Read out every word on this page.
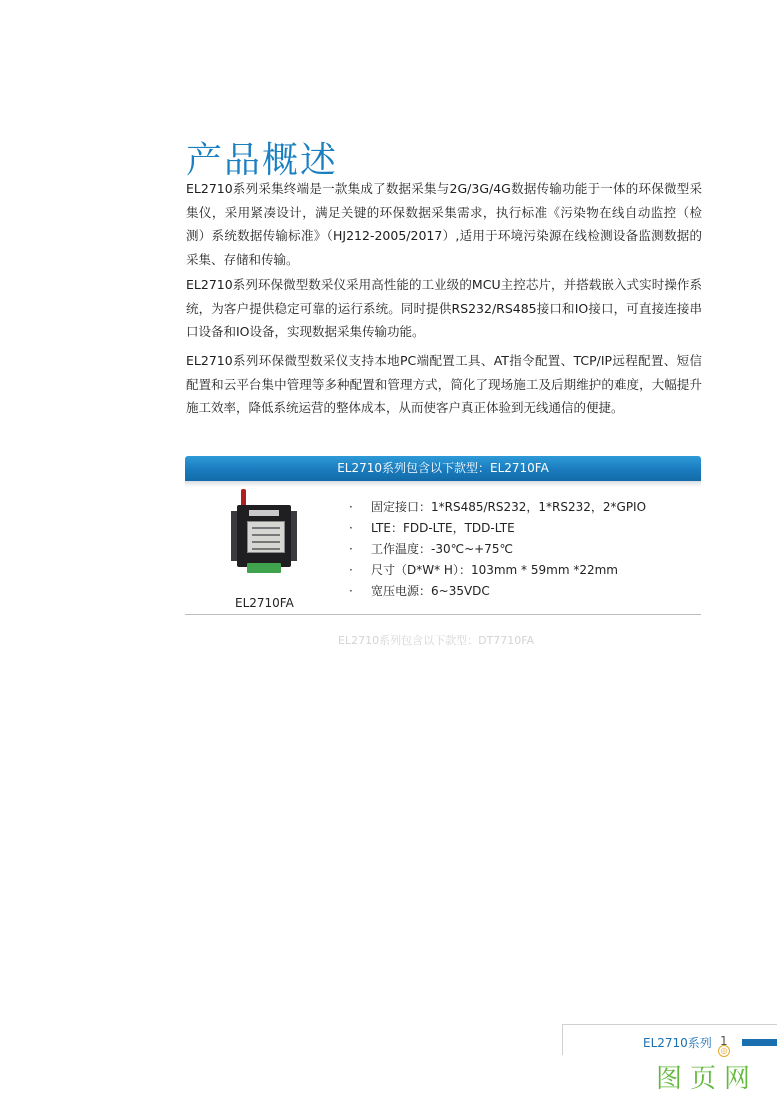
产品概述

EL2710系列采集终端是一款集成了数据采集与2G/3G/4G数据传输功能于一体的环保微型采集仪，采用紧凑设计，满足关键的环保数据采集需求，执行标准《污染物在线自动监控（检测）系统数据传输标准》（HJ212-2005/2017）,适用于环境污染源在线检测设备监测数据的采集、存储和传输。

EL2710系列环保微型数采仪采用高性能的工业级的MCU主控芯片，并搭载嵌入式实时操作系统，为客户提供稳定可靠的运行系统。同时提供RS232/RS485接口和IO接口，可直接连接串口设备和IO设备，实现数据采集传输功能。

EL2710系列环保微型数采仪支持本地PC端配置工具、AT指令配置、TCP/IP远程配置、短信配置和云平台集中管理等多种配置和管理方式，简化了现场施工及后期维护的难度，大幅提升施工效率，降低系统运营的整体成本，从而使客户真正体验到无线通信的便捷。

EL2710系列包含以下款型：EL2710FA
EL2710FA
· 固定接口：1*RS485/RS232，1*RS232，2*GPIO
· LTE：FDD-LTE，TDD-LTE
· 工作温度：-30℃~+75℃
· 尺寸（D*W* H）：103mm * 59mm *22mm
· 宽压电源：6~35VDC
EL2710系列包含以下款型：DT7710FA
EL2710系列 1
◎
图页网
